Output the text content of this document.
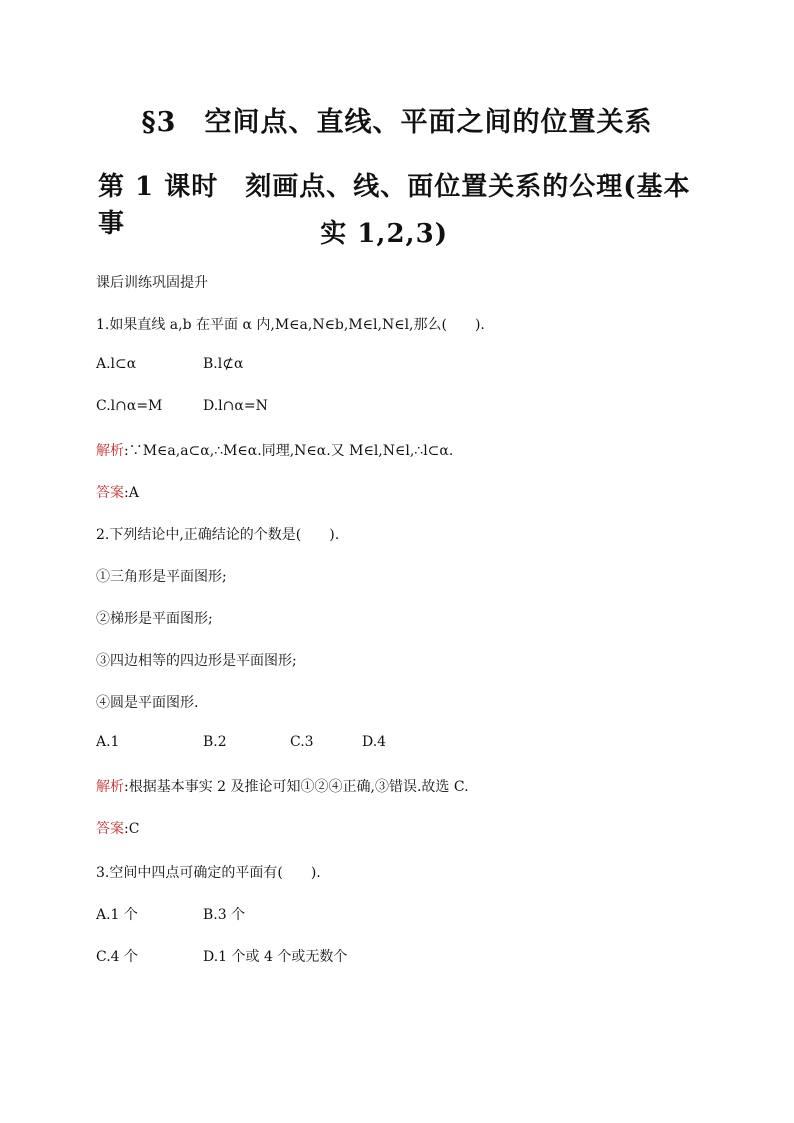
§3　空间点、直线、平面之间的位置关系
第 1 课时　刻画点、线、面位置关系的公理(基本事	实 1,2,3)
课后训练巩固提升
1.如果直线 a,b 在平面 α 内,M∈a,N∈b,M∈l,N∈l,那么(　　).
A.l⊂α	B.l⊄α
C.l∩α=M	D.l∩α=N
解析:∵M∈a,a⊂α,∴M∈α.同理,N∈α.又 M∈l,N∈l,∴l⊂α.
答案:A
2.下列结论中,正确结论的个数是(　　).
①三角形是平面图形;
②梯形是平面图形;
③四边相等的四边形是平面图形;
④圆是平面图形.
A.1	B.2	C.3	D.4
解析:根据基本事实 2 及推论可知①②④正确,③错误.故选 C.
答案:C
3.空间中四点可确定的平面有(　　).
A.1 个	B.3 个
C.4 个	D.1 个或 4 个或无数个
